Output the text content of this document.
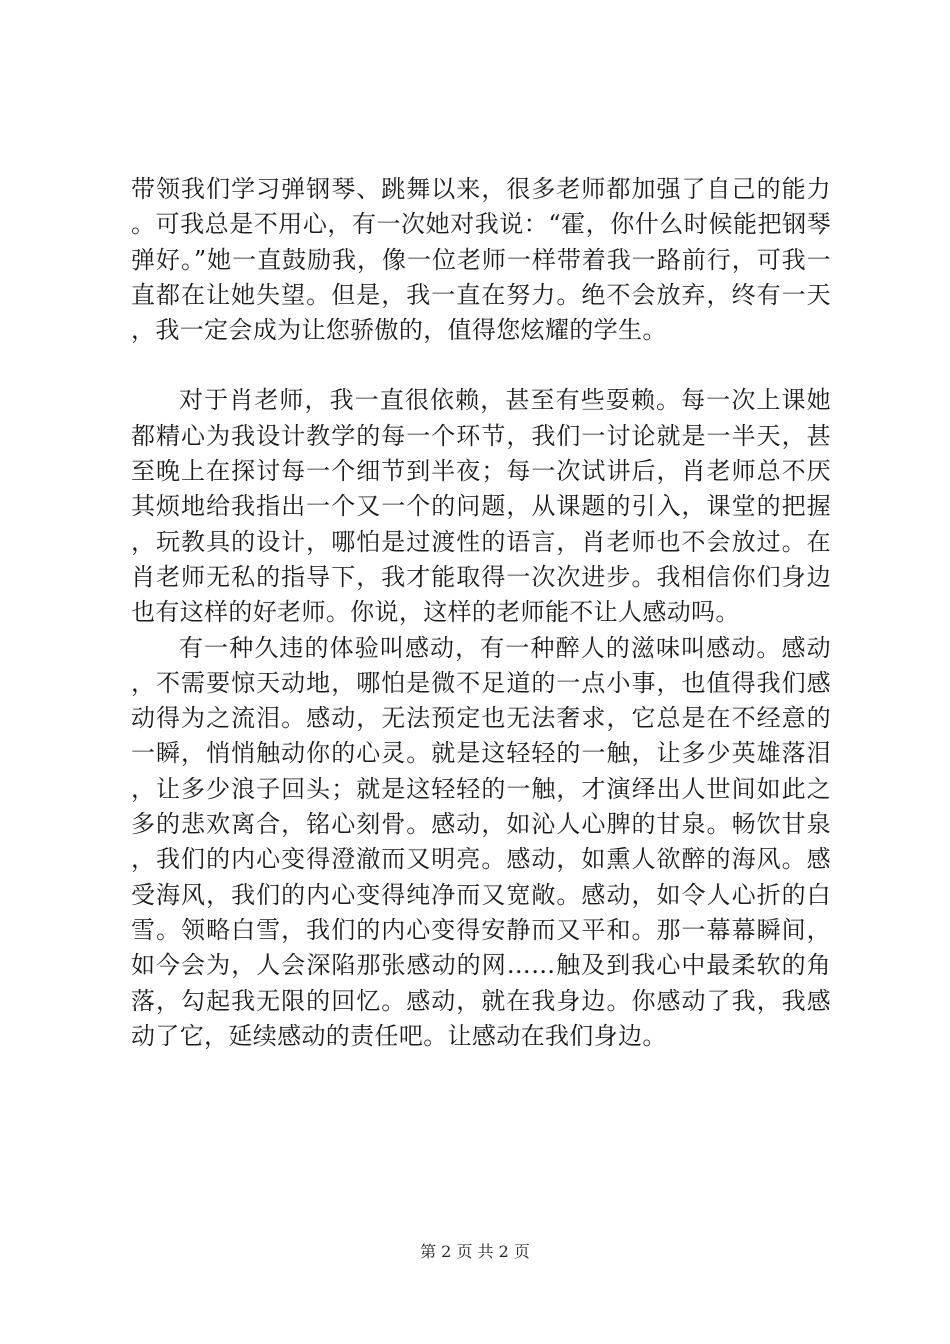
带领我们学习弹钢琴、跳舞以来，很多老师都加强了自己的能力。可我总是不用心，有一次她对我说：“霍，你什么时候能把钢琴弹好。”她一直鼓励我，像一位老师一样带着我一路前行，可我一直都在让她失望。但是，我一直在努力。绝不会放弃，终有一天，我一定会成为让您骄傲的，值得您炫耀的学生。

对于肖老师，我一直很依赖，甚至有些耍赖。每一次上课她都精心为我设计教学的每一个环节，我们一讨论就是一半天，甚至晚上在探讨每一个细节到半夜；每一次试讲后，肖老师总不厌其烦地给我指出一个又一个的问题，从课题的引入，课堂的把握，玩教具的设计，哪怕是过渡性的语言，肖老师也不会放过。在肖老师无私的指导下，我才能取得一次次进步。我相信你们身边也有这样的好老师。你说，这样的老师能不让人感动吗。

有一种久违的体验叫感动，有一种醉人的滋味叫感动。感动，不需要惊天动地，哪怕是微不足道的一点小事，也值得我们感动得为之流泪。感动，无法预定也无法奢求，它总是在不经意的一瞬，悄悄触动你的心灵。就是这轻轻的一触，让多少英雄落泪，让多少浪子回头；就是这轻轻的一触，才演绎出人世间如此之多的悲欢离合，铭心刻骨。感动，如沁人心脾的甘泉。畅饮甘泉，我们的内心变得澄澈而又明亮。感动，如熏人欲醉的海风。感受海风，我们的内心变得纯净而又宽敞。感动，如令人心折的白雪。领略白雪，我们的内心变得安静而又平和。那一幕幕瞬间，如今会为，人会深陷那张感动的网……触及到我心中最柔软的角落，勾起我无限的回忆。感动，就在我身边。你感动了我，我感动了它，延续感动的责任吧。让感动在我们身边。

第 2 页 共 2 页
